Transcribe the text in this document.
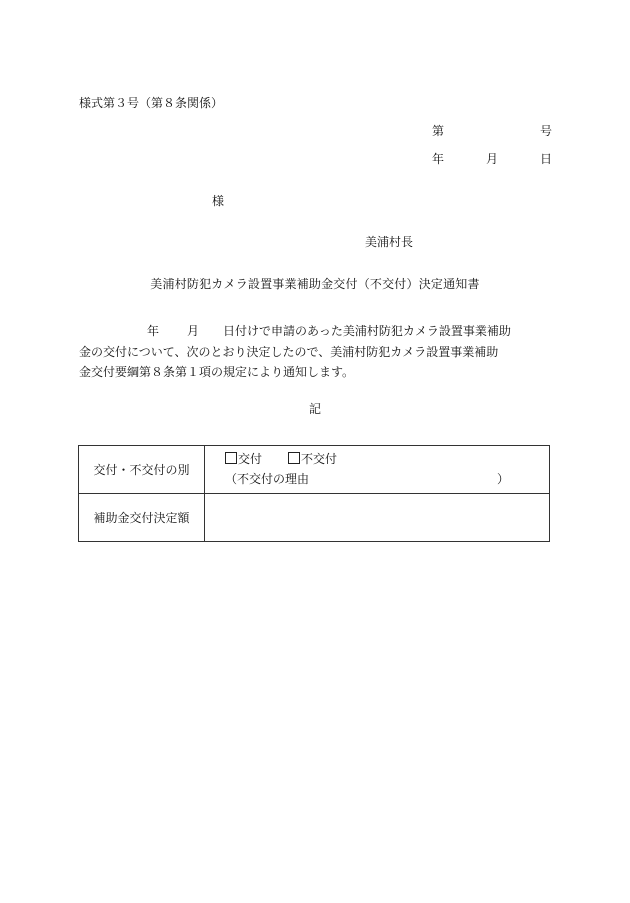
様式第３号（第８条関係）
第	号
年	月	日
様
美浦村長
美浦村防犯カメラ設置事業補助金交付（不交付）決定通知書
年 月 日付けで申請のあった美浦村防犯カメラ設置事業補助
金の交付について、次のとおり決定したので、美浦村防犯カメラ設置事業補助
金交付要綱第８条第１項の規定により通知します。
記
交付・不交付の別	交付 不交付
（不交付の理由 ）

補助金交付決定額	
